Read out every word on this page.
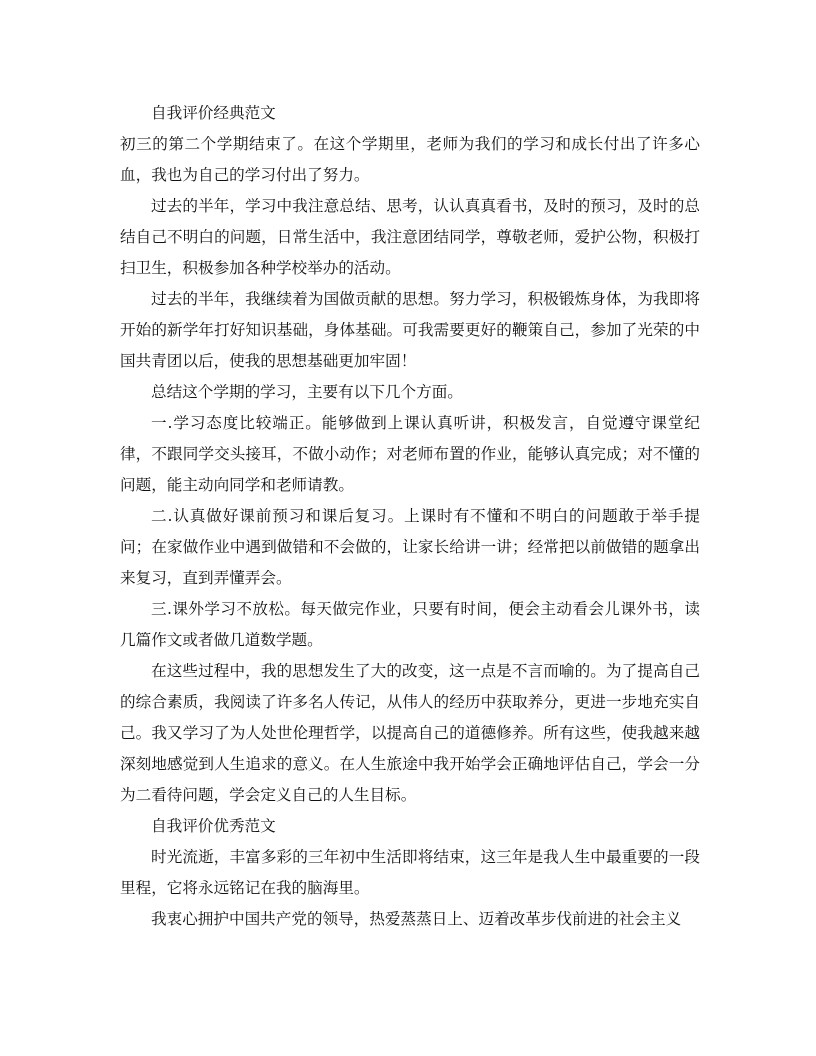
自我评价经典范文

初三的第二个学期结束了。在这个学期里，老师为我们的学习和成长付出了许多心血，我也为自己的学习付出了努力。

过去的半年，学习中我注意总结、思考，认认真真看书，及时的预习，及时的总结自己不明白的问题，日常生活中，我注意团结同学，尊敬老师，爱护公物，积极打扫卫生，积极参加各种学校举办的活动。

过去的半年，我继续着为国做贡献的思想。努力学习，积极锻炼身体，为我即将开始的新学年打好知识基础，身体基础。可我需要更好的鞭策自己，参加了光荣的中国共青团以后，使我的思想基础更加牢固！

总结这个学期的学习，主要有以下几个方面。

一.学习态度比较端正。能够做到上课认真听讲，积极发言，自觉遵守课堂纪律，不跟同学交头接耳，不做小动作；对老师布置的作业，能够认真完成；对不懂的问题，能主动向同学和老师请教。

二.认真做好课前预习和课后复习。上课时有不懂和不明白的问题敢于举手提问；在家做作业中遇到做错和不会做的，让家长给讲一讲；经常把以前做错的题拿出来复习，直到弄懂弄会。

三.课外学习不放松。每天做完作业，只要有时间，便会主动看会儿课外书，读几篇作文或者做几道数学题。

在这些过程中，我的思想发生了大的改变，这一点是不言而喻的。为了提高自己的综合素质，我阅读了许多名人传记，从伟人的经历中获取养分，更进一步地充实自己。我又学习了为人处世伦理哲学，以提高自己的道德修养。所有这些，使我越来越深刻地感觉到人生追求的意义。在人生旅途中我开始学会正确地评估自己，学会一分为二看待问题，学会定义自己的人生目标。

自我评价优秀范文

时光流逝，丰富多彩的三年初中生活即将结束，这三年是我人生中最重要的一段里程，它将永远铭记在我的脑海里。

我衷心拥护中国共产党的领导，热爱蒸蒸日上、迈着改革步伐前进的社会主义
